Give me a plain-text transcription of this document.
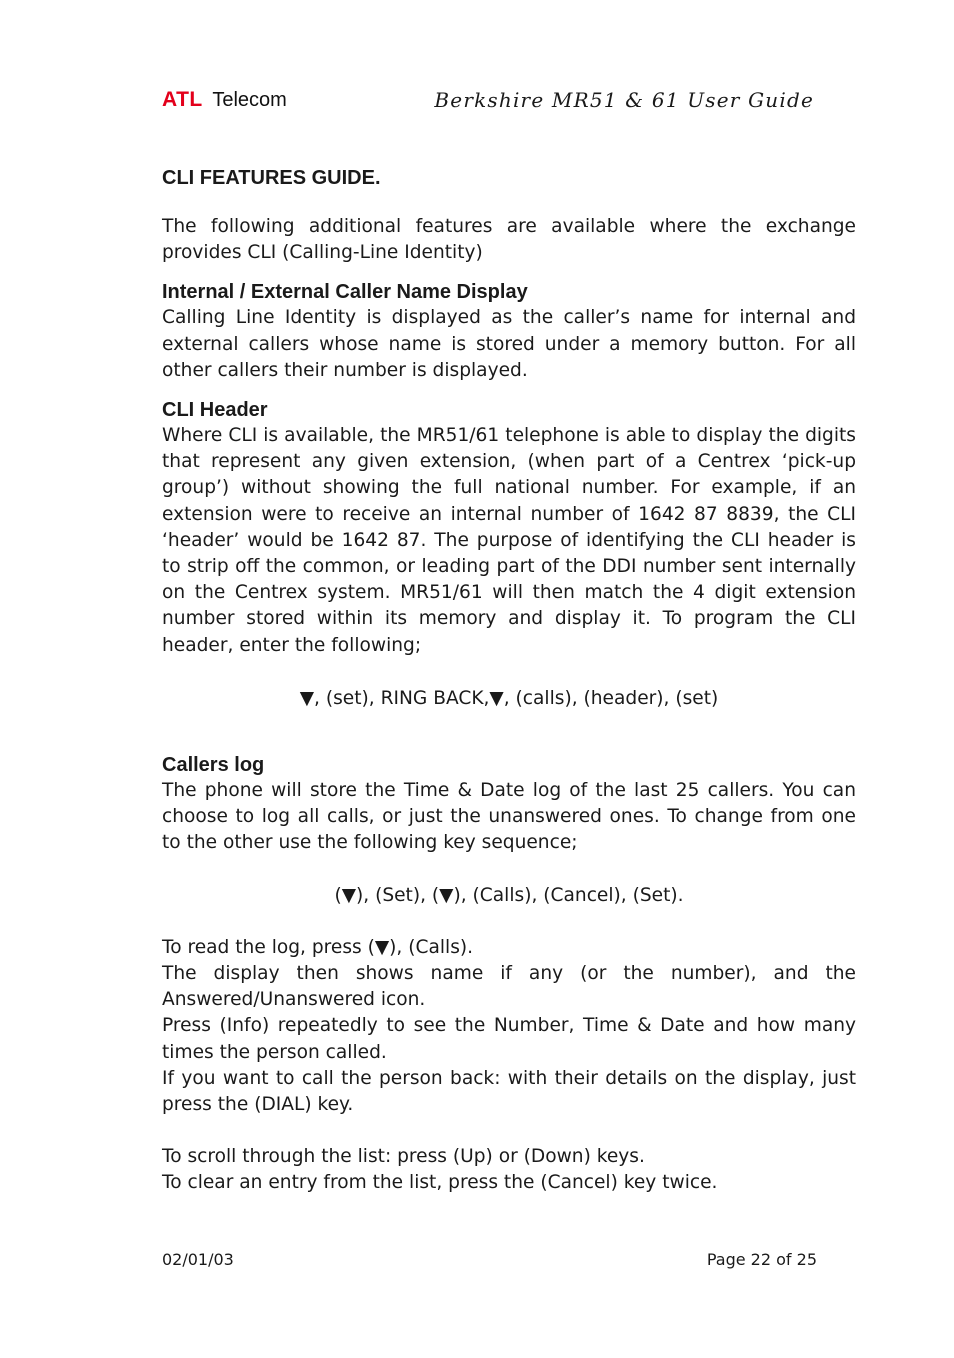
ATL Telecom	Berkshire MR51 & 61 User Guide
CLI FEATURES GUIDE.

The following additional features are available where the exchange provides CLI (Calling-Line Identity)

Internal / External Caller Name Display

Calling Line Identity is displayed as the caller’s name for internal and external callers whose name is stored under a memory button. For all other callers their number is displayed.

CLI Header

Where CLI is available, the MR51/61 telephone is able to display the digits that represent any given extension, (when part of a Centrex ‘pick-up group’) without showing the full national number. For example, if an extension were to receive an internal number of 1642 87 8839, the CLI ‘header’ would be 1642 87. The purpose of identifying the CLI header is to strip off the common, or leading part of the DDI number sent internally on the Centrex system. MR51/61 will then match the 4 digit extension number stored within its memory and display it. To program the CLI header, enter the following;

▼, (set), RING BACK,▼, (calls), (header), (set)

Callers log

The phone will store the Time & Date log of the last 25 callers. You can choose to log all calls, or just the unanswered ones. To change from one to the other use the following key sequence;

(▼), (Set), (▼), (Calls), (Cancel), (Set).

To read the log, press (▼), (Calls).

The display then shows name if any (or the number), and the Answered/Unanswered icon.

Press (Info) repeatedly to see the Number, Time & Date and how many times the person called.

If you want to call the person back: with their details on the display, just press the (DIAL) key.

To scroll through the list: press (Up) or (Down) keys.

To clear an entry from the list, press the (Cancel) key twice.

02/01/03	Page 22 of 25
